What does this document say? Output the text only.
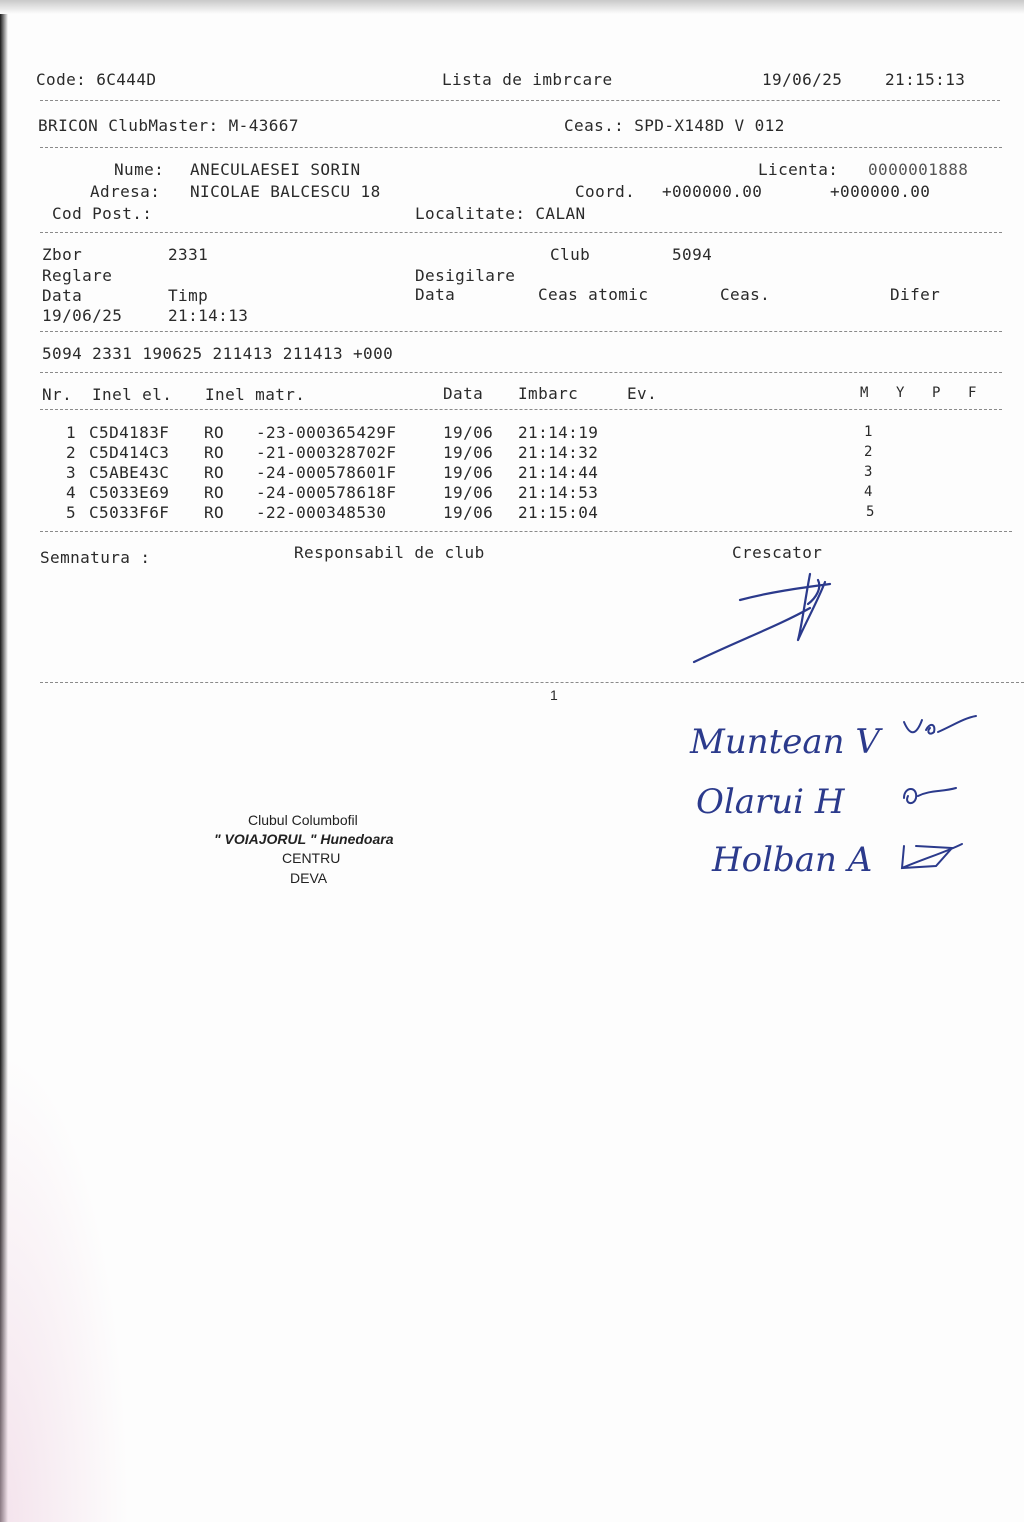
Code: 6C444D	Lista de imbrcare	19/06/25	21:15:13
BRICON ClubMaster: M-43667	Ceas.: SPD-X148D V 012
Nume: ANECULAESEI SORIN	Licenta: 0000001888
Adresa: NICOLAE BALCESCU 18	Coord. +000000.00	+000000.00
Cod Post.:	Localitate: CALAN
Zbor	2331	Club	5094
Reglare	Desigilare
Data	Timp	Data	Ceas atomic	Ceas.	Difer
19/06/25	21:14:13
5094 2331 190625 211413 211413 +000
Nr. Inel el. Inel matr.	Data Imbarc	Ev.	M Y P F
1 C5D4183F RO -23-000365429F	19/06 21:14:19	1
2 C5D414C3 RO -21-000328702F	19/06 21:14:32	2
3 C5ABE43C RO -24-000578601F	19/06 21:14:44	3
4 C5033E69 RO -24-000578618F	19/06 21:14:53	4
5 C5033F6F RO -22-000348530	19/06 21:15:04	5
Semnatura :	Responsabil de club	Crescator
1
Muntean V
Olarui H
Holban A
Clubul Columbofil
" VOIAJORUL " Hunedoara
CENTRU
DEVA
